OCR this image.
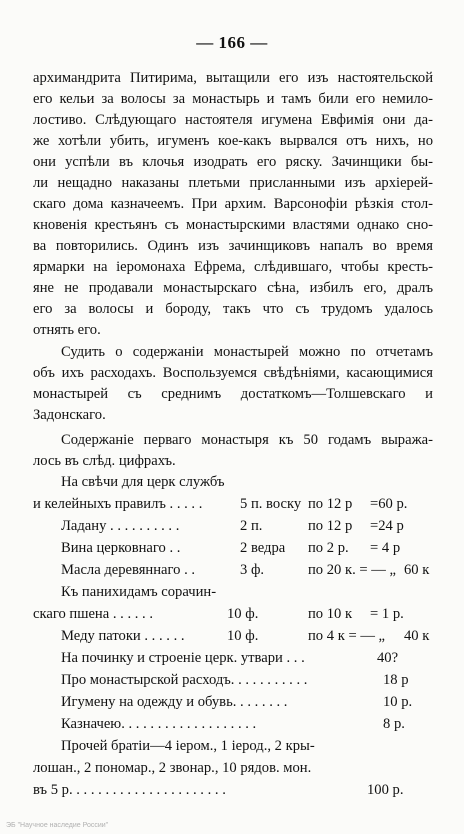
— 166 —
архимандрита Питирима, вытащили его изъ настоятельской
его кельи за волосы за монастырь и тамъ били его немило-
лостиво. Слѣдующаго настоятеля игумена Евфимія они да-
же хотѣли убить, игуменъ кое-какъ вырвался отъ нихъ, но
они успѣли въ клочья изодрать его ряску. Зачинщики бы-
ли нещадно наказаны плетьми присланными изъ архіерей-
скаго дома казначеемъ. При архим. Варсонофіи рѣзкія стол-
кновенія крестьянъ съ монастырскими властями однако сно-
ва повторились. Одинъ изъ зачинщиковъ напалъ во время
ярмарки на іеромонаха Ефрема, слѣдившаго, чтобы кресть-
яне не продавали монастырскаго сѣна, избилъ его, дралъ
его за волосы и бороду, такъ что съ трудомъ удалось
отнять его.
Судить о содержаніи монастырей можно по отчетамъ
объ ихъ расходахъ. Воспользуемся свѣдѣніями, касающимися
монастырей съ среднимъ достаткомъ—Толшевскаго и
Задонскаго.
Содержаніе перваго монастыря къ 50 годамъ выража-
лось въ слѣд. цифрахъ.
На свѣчи для церк службъ
и келейныхъ правилъ . . . . .	5 п. воску по 12 р =60 р.
Ладану . . . . . . . . . .	2 п.	по 12 р =24 р
Вина церковнаго . .	2 ведра по 2 р. = 4 р
Масла деревяннаго . .	3 ф.	по 20 к. = — „ 60 к
Къ панихидамъ сорачин-
скаго пшена . . . . . .	10 ф.	по 10 к = 1 р.
Меду патоки . . . . . .	10 ф.	по 4 к = — „ 40 к
На починку и строеніе церк. утвари . . .	40?
Про монастырской расходъ. . . . . . . . . . .	18 р
Игумену на одежду и обувь. . . . . . . .	10 р.
Казначею. . . . . . . . . . . . . . . . . . .	8 р.
Прочей братіи—4 іером., 1 іерод., 2 кры-
лошан., 2 пономар., 2 звонар., 10 рядов. мон.
въ 5 р. . . . . . . . . . . . . . . . . . . . . .	100 р.
ЭБ "Научное наследие России"
